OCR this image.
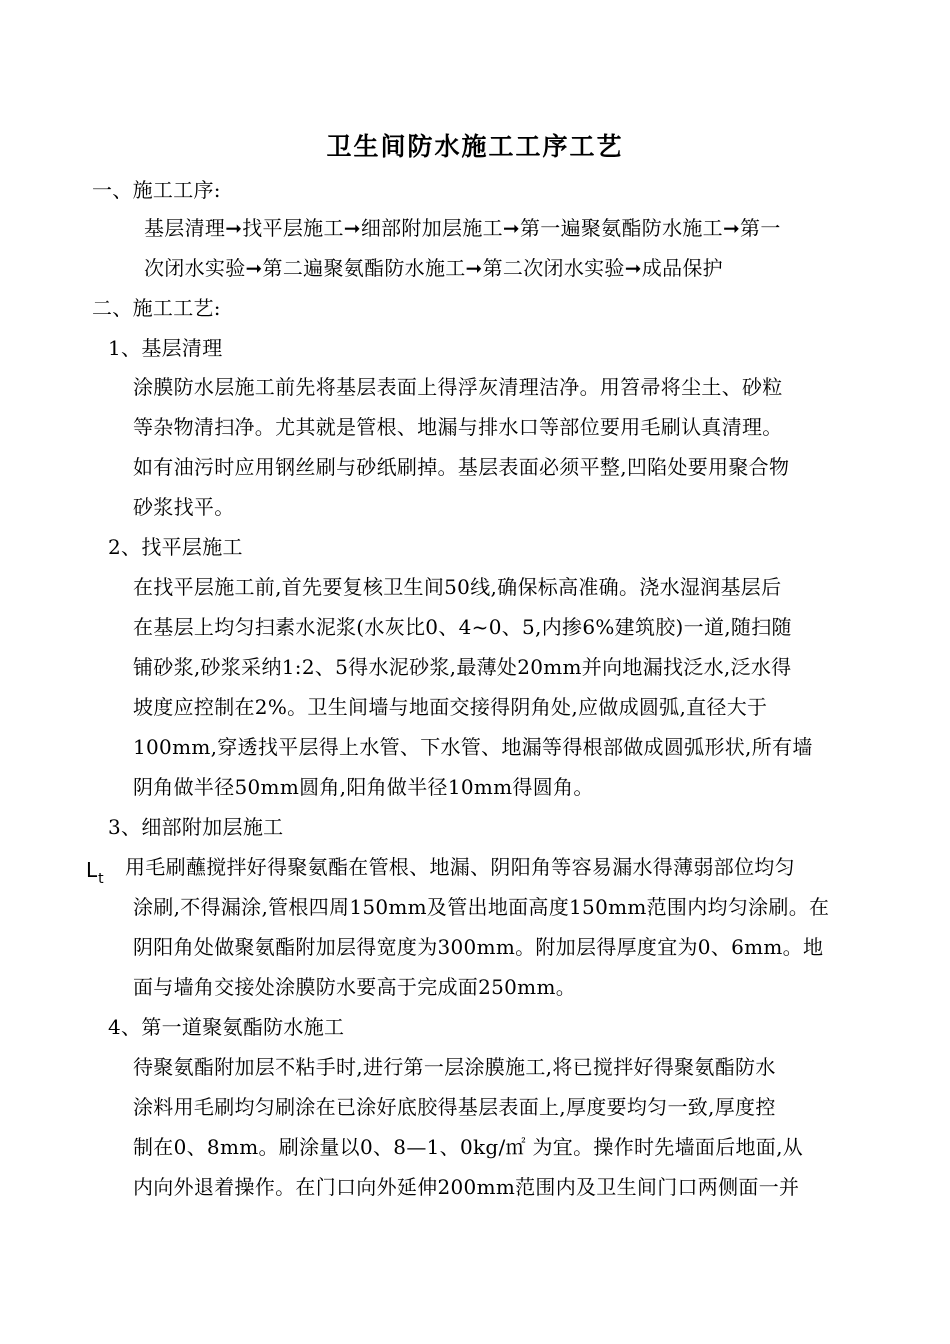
卫生间防水施工工序工艺
一、施工工序:
基层清理➞找平层施工➞细部附加层施工➞第一遍聚氨酯防水施工➞第一
次闭水实验➞第二遍聚氨酯防水施工➞第二次闭水实验➞成品保护
二、施工工艺:
1、基层清理
涂膜防水层施工前先将基层表面上得浮灰清理洁净。用笤帚将尘土、砂粒
等杂物清扫净。尤其就是管根、地漏与排水口等部位要用毛刷认真清理。
如有油污时应用钢丝刷与砂纸刷掉。基层表面必须平整,凹陷处要用聚合物
砂浆找平。
2、找平层施工
在找平层施工前,首先要复核卫生间50线,确保标高准确。浇水湿润基层后
在基层上均匀扫素水泥浆(水灰比0、4~0、5,内掺6%建筑胶)一道,随扫随
铺砂浆,砂浆采纳1:2、5得水泥砂浆,最薄处20mm并向地漏找泛水,泛水得
坡度应控制在2%。卫生间墙与地面交接得阴角处,应做成圆弧,直径大于
100mm,穿透找平层得上水管、下水管、地漏等得根部做成圆弧形状,所有墙
阴角做半径50mm圆角,阳角做半径10mm得圆角。
3、细部附加层施工
$L_t$ 用毛刷蘸搅拌好得聚氨酯在管根、地漏、阴阳角等容易漏水得薄弱部位均匀
涂刷,不得漏涂,管根四周150mm及管出地面高度150mm范围内均匀涂刷。在
阴阳角处做聚氨酯附加层得宽度为300mm。附加层得厚度宜为0、6mm。地
面与墙角交接处涂膜防水要高于完成面250mm。
4、第一道聚氨酯防水施工
待聚氨酯附加层不粘手时,进行第一层涂膜施工,将已搅拌好得聚氨酯防水
涂料用毛刷均匀刷涂在已涂好底胶得基层表面上,厚度要均匀一致,厚度控
制在0、8mm。刷涂量以0、8—1、0kg/㎡ 为宜。操作时先墙面后地面,从
内向外退着操作。在门口向外延伸200mm范围内及卫生间门口两侧面一并
